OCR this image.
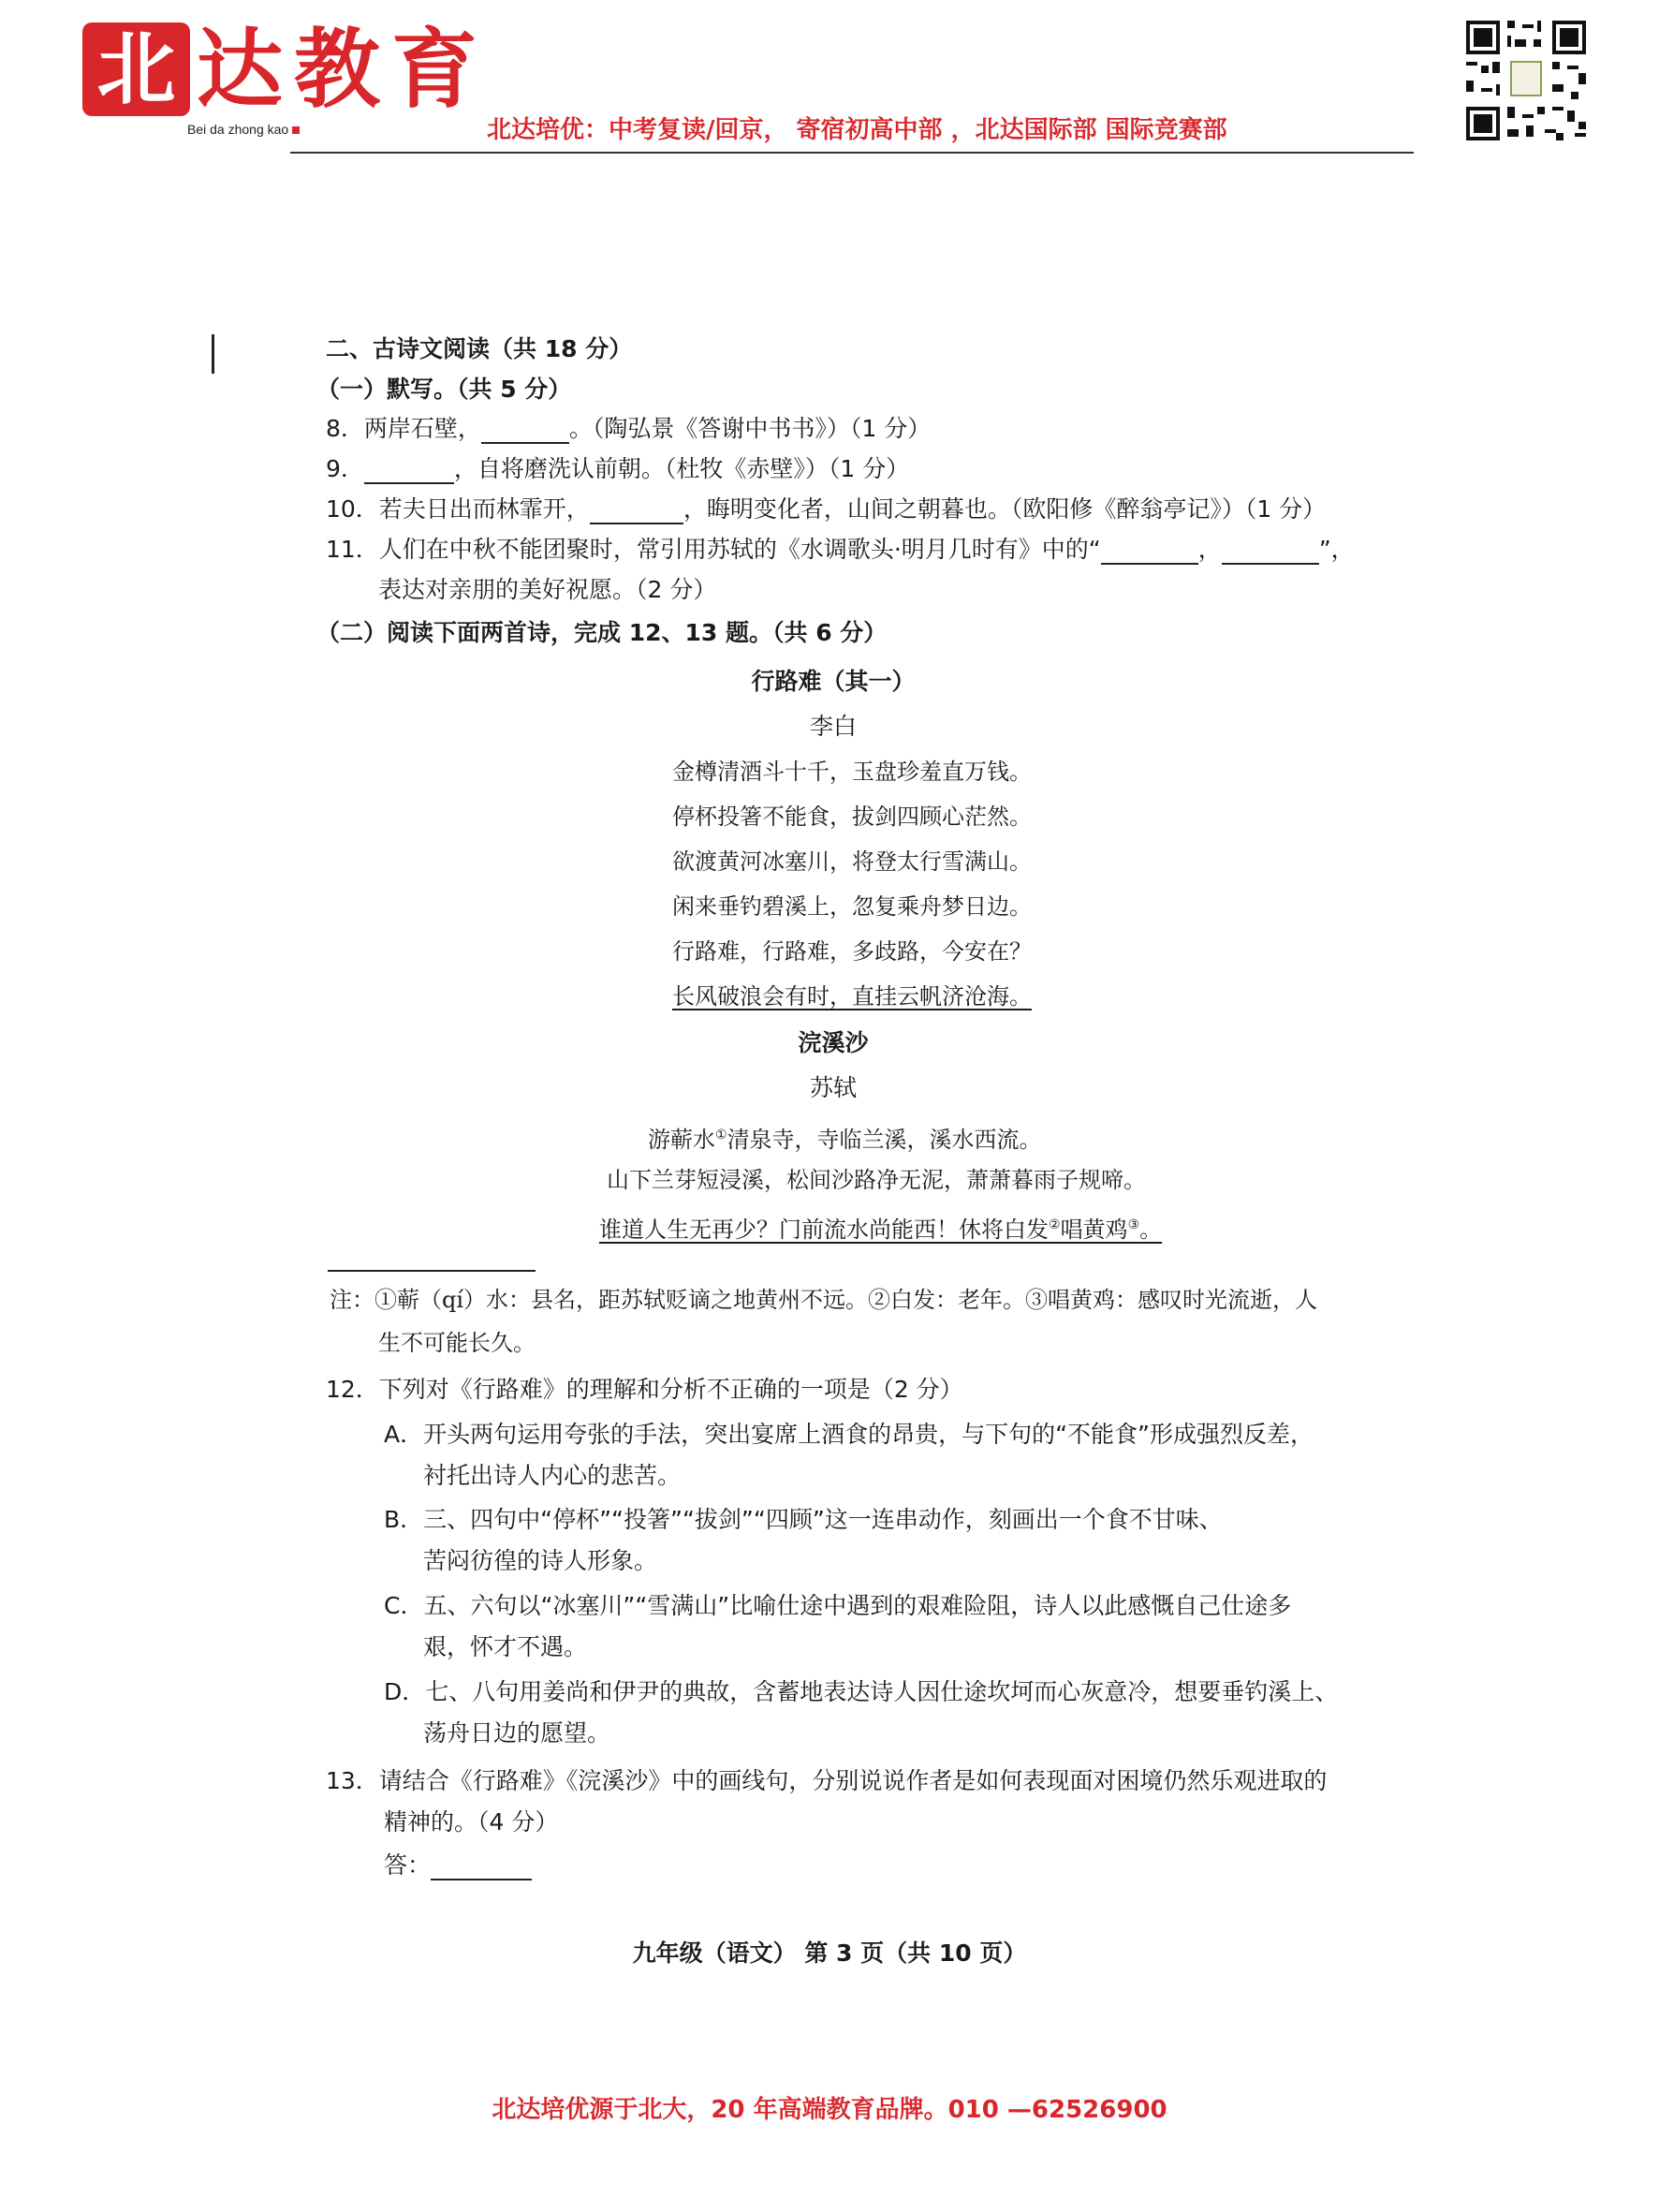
北 达教育
Bei da zhong kao	北达培优：中考复读/回京， 寄宿初高中部 ，北达国际部 国际竞赛部
二、古诗文阅读（共 18 分）
（一）默写。（共 5 分）
8．两岸石壁，	。（陶弘景《答谢中书书》）（1 分）
9．	，自将磨洗认前朝。（杜牧《赤壁》）（1 分）
10．若夫日出而林霏开，	，晦明变化者，山间之朝暮也。（欧阳修《醉翁亭记》）（1 分）
11．人们在中秋不能团聚时，常引用苏轼的《水调歌头·明月几时有》中的“	，	”，
表达对亲朋的美好祝愿。（2 分）
（二）阅读下面两首诗，完成 12、13 题。（共 6 分）
行路难（其一）
李白
金樽清酒斗十千，玉盘珍羞直万钱。
停杯投箸不能食，拔剑四顾心茫然。
欲渡黄河冰塞川，将登太行雪满山。
闲来垂钓碧溪上，忽复乘舟梦日边。
行路难，行路难，多歧路，今安在？
长风破浪会有时，直挂云帆济沧海。
浣溪沙
苏轼
游蕲水①清泉寺，寺临兰溪，溪水西流。
山下兰芽短浸溪，松间沙路净无泥，萧萧暮雨子规啼。
谁道人生无再少？门前流水尚能西！休将白发②唱黄鸡③。
注：①蕲（qí）水：县名，距苏轼贬谪之地黄州不远。②白发：老年。③唱黄鸡：感叹时光流逝，人
生不可能长久。
12．下列对《行路难》的理解和分析不正确的一项是（2 分）
A．开头两句运用夸张的手法，突出宴席上酒食的昂贵，与下句的“不能食”形成强烈反差，
衬托出诗人内心的悲苦。
B．三、四句中“停杯”“投箸”“拔剑”“四顾”这一连串动作，刻画出一个食不甘味、
苦闷彷徨的诗人形象。
C．五、六句以“冰塞川”“雪满山”比喻仕途中遇到的艰难险阻，诗人以此感慨自己仕途多
艰，怀才不遇。
D．七、八句用姜尚和伊尹的典故，含蓄地表达诗人因仕途坎坷而心灰意冷，想要垂钓溪上、
荡舟日边的愿望。
13．请结合《行路难》《浣溪沙》中的画线句，分别说说作者是如何表现面对困境仍然乐观进取的
精神的。（4 分）
答：
九年级（语文） 第 3 页（共 10 页）
北达培优源于北大，20 年高端教育品牌。010 —62526900
